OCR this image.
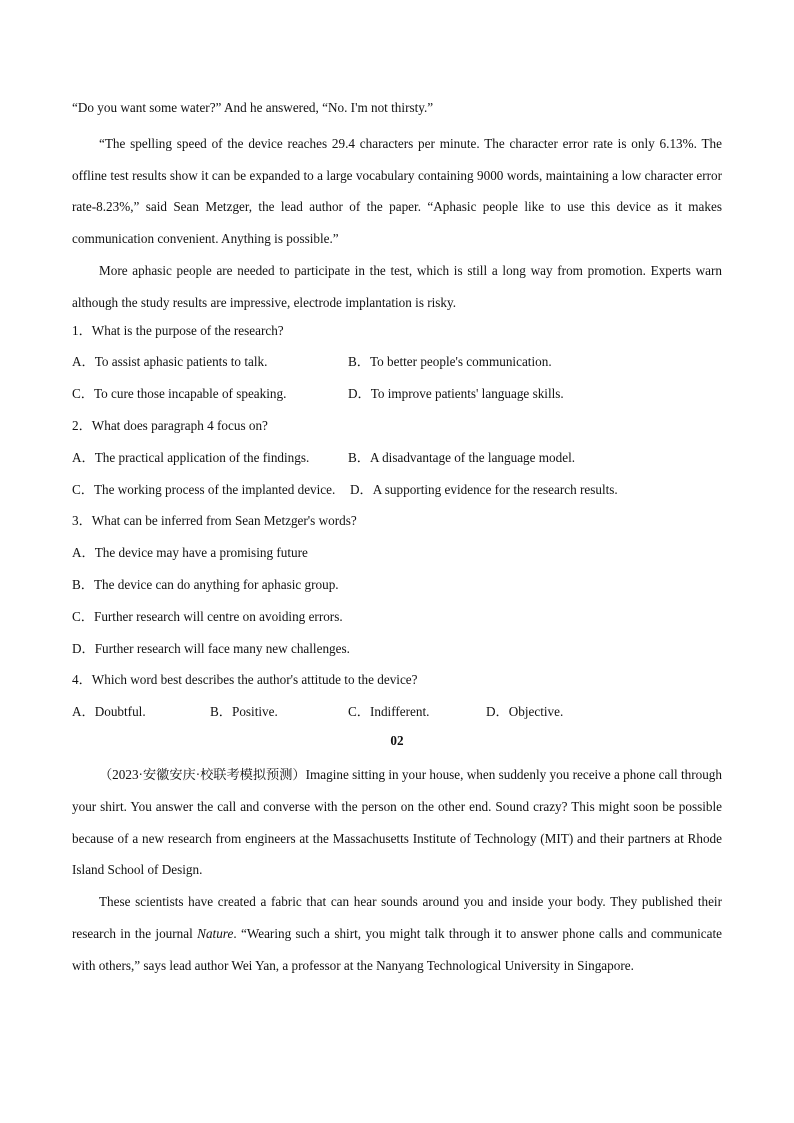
“Do you want some water?” And he answered, “No. I'm not thirsty.”

“The spelling speed of the device reaches 29.4 characters per minute. The character error rate is only 6.13%. The offline test results show it can be expanded to a large vocabulary containing 9000 words, maintaining a low character error rate-8.23%,” said Sean Metzger, the lead author of the paper. “Aphasic people like to use this device as it makes communication convenient. Anything is possible.”

More aphasic people are needed to participate in the test, which is still a long way from promotion. Experts warn although the study results are impressive, electrode implantation is risky.

1．What is the purpose of the research?
A．To assist aphasic patients to talk.	B．To better people's communication.
C．To cure those incapable of speaking.	D．To improve patients' language skills.
2．What does paragraph 4 focus on?
A．The practical application of the findings.	B．A disadvantage of the language model.
C．The working process of the implanted device. D．A supporting evidence for the research results.
3．What can be inferred from Sean Metzger's words?
A．The device may have a promising future
B．The device can do anything for aphasic group.
C．Further research will centre on avoiding errors.
D．Further research will face many new challenges.
4．Which word best describes the author's attitude to the device?
A．Doubtful.	B．Positive.	C．Indifferent.	D．Objective.
02

（2023·安徽安庆·校联考模拟预测）Imagine sitting in your house, when suddenly you receive a phone call through your shirt. You answer the call and converse with the person on the other end. Sound crazy? This might soon be possible because of a new research from engineers at the Massachusetts Institute of Technology (MIT) and their partners at Rhode Island School of Design.

These scientists have created a fabric that can hear sounds around you and inside your body. They published their research in the journal Nature. “Wearing such a shirt, you might talk through it to answer phone calls and communicate with others,” says lead author Wei Yan, a professor at the Nanyang Technological University in Singapore.
